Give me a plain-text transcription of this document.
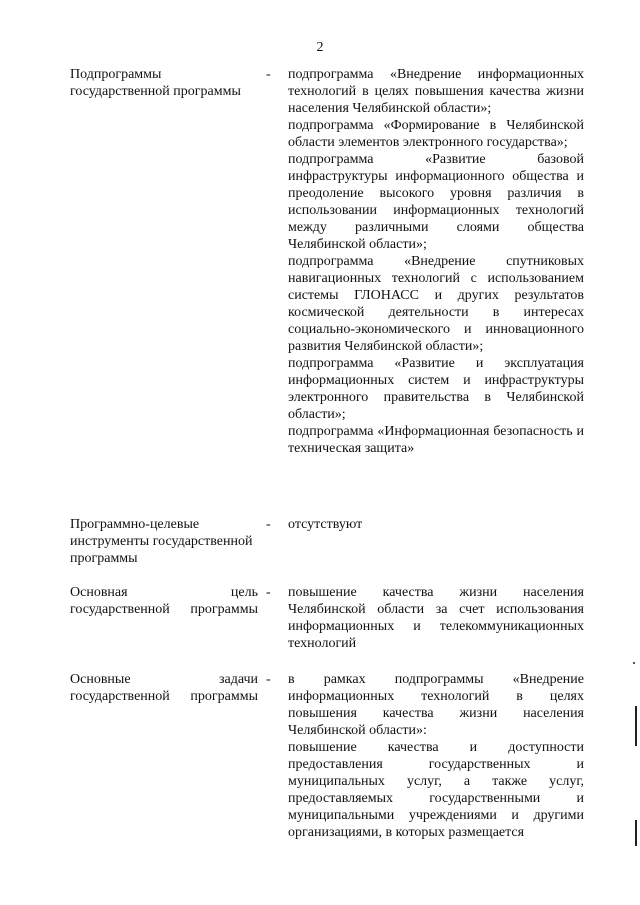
2
Подпрограммы государственной программы
- подпрограмма «Внедрение информационных технологий в целях повышения качества жизни населения Челябинской области»;

подпрограмма «Формирование в Челябинской области элементов электронного государства»;

подпрограмма «Развитие базовой инфраструктуры информационного общества и преодоление высокого уровня различия в использовании информационных технологий между различными слоями общества Челябинской области»;

подпрограмма «Внедрение спутниковых навигационных технологий с использованием системы ГЛОНАСС и других результатов космической деятельности в интересах социально-экономического и инновационного развития Челябинской области»;

подпрограмма «Развитие и эксплуатация информационных систем и инфраструктуры электронного правительства в Челябинской области»;

подпрограмма «Информационная безопасность и техническая защита»

Программно-целевые инструменты государственной программы
- отсутствуют

Основная цель государственной программы
- повышение качества жизни населения Челябинской области за счет использования информационных и телекоммуникационных технологий

Основные задачи государственной программы
- в рамках подпрограммы «Внедрение информационных технологий в целях повышения качества жизни населения Челябинской области»:

повышение качества и доступности предоставления государственных и муниципальных услуг, а также услуг, предоставляемых государственными и муниципальными учреждениями и другими организациями, в которых размещается
